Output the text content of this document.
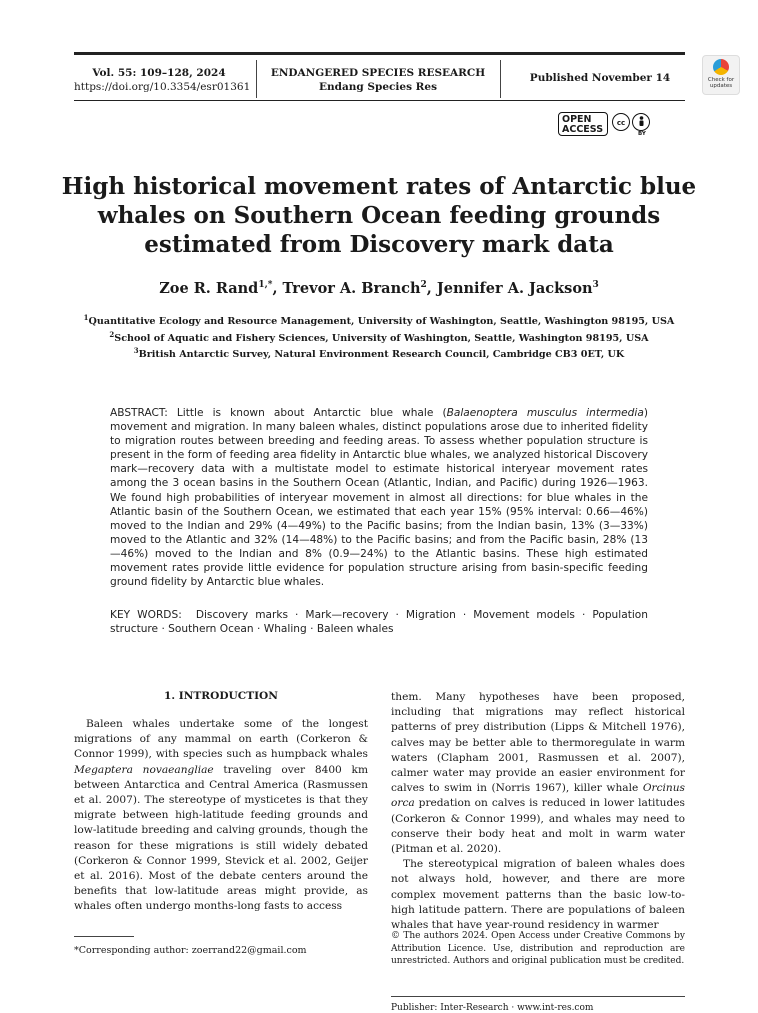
Vol. 55: 109–128, 2024
https://doi.org/10.3354/esr01361
ENDANGERED SPECIES RESEARCH
Endang Species Res
Published November 14	Check for updates
OPEN
ACCESS
cc
BY
High historical movement rates of Antarctic blue whales on Southern Ocean feeding grounds estimated from Discovery mark data
Zoe R. Rand$^{1,*}$, Trevor A. Branch$^2$, Jennifer A. Jackson$^3$
$^1$Quantitative Ecology and Resource Management, University of Washington, Seattle, Washington 98195, USA
$^2$School of Aquatic and Fishery Sciences, University of Washington, Seattle, Washington 98195, USA
$^3$British Antarctic Survey, Natural Environment Research Council, Cambridge CB3 0ET, UK
ABSTRACT: Little is known about Antarctic blue whale (Balaenoptera musculus intermedia) movement and migration. In many baleen whales, distinct populations arose due to inherited fidelity to migration routes between breeding and feeding areas. To assess whether population structure is present in the form of feeding area fidelity in Antarctic blue whales, we analyzed historical Discovery mark—recovery data with a multistate model to estimate historical interyear movement rates among the 3 ocean basins in the Southern Ocean (Atlantic, Indian, and Pacific) during 1926—1963. We found high probabilities of interyear movement in almost all directions: for blue whales in the Atlantic basin of the Southern Ocean, we estimated that each year 15% (95% interval: 0.66—46%) moved to the Indian and 29% (4—49%) to the Pacific basins; from the Indian basin, 13% (3—33%) moved to the Atlantic and 32% (14—48%) to the Pacific basins; and from the Pacific basin, 28% (13—46%) moved to the Indian and 8% (0.9—24%) to the Atlantic basins. These high estimated movement rates provide little evidence for population structure arising from basin-specific feeding ground fidelity by Antarctic blue whales.
KEY WORDS: Discovery marks · Mark—recovery · Migration · Movement models · Population structure · Southern Ocean · Whaling · Baleen whales
1. INTRODUCTION

Baleen whales undertake some of the longest migrations of any mammal on earth (Corkeron & Connor 1999), with species such as humpback whales Megaptera novaeangliae traveling over 8400 km between Antarctica and Central America (Rasmussen et al. 2007). The stereotype of mysticetes is that they migrate between high-latitude feeding grounds and low-latitude breeding and calving grounds, though the reason for these migrations is still widely debated (Corkeron & Connor 1999, Stevick et al. 2002, Geijer et al. 2016). Most of the debate centers around the benefits that low-latitude areas might provide, as whales often undergo months-long fasts to access

them. Many hypotheses have been proposed, including that migrations may reflect historical patterns of prey distribution (Lipps & Mitchell 1976), calves may be better able to thermoregulate in warm waters (Clapham 2001, Rasmussen et al. 2007), calmer water may provide an easier environment for calves to swim in (Norris 1967), killer whale Orcinus orca predation on calves is reduced in lower latitudes (Corkeron & Connor 1999), and whales may need to conserve their body heat and molt in warm water (Pitman et al. 2020).

The stereotypical migration of baleen whales does not always hold, however, and there are more complex movement patterns than the basic low-to-high latitude pattern. There are populations of baleen whales that have year-round residency in warmer

*Corresponding author: zoerrand22@gmail.com
© The authors 2024. Open Access under Creative Commons by Attribution Licence. Use, distribution and reproduction are unrestricted. Authors and original publication must be credited.
Publisher: Inter-Research · www.int-res.com
